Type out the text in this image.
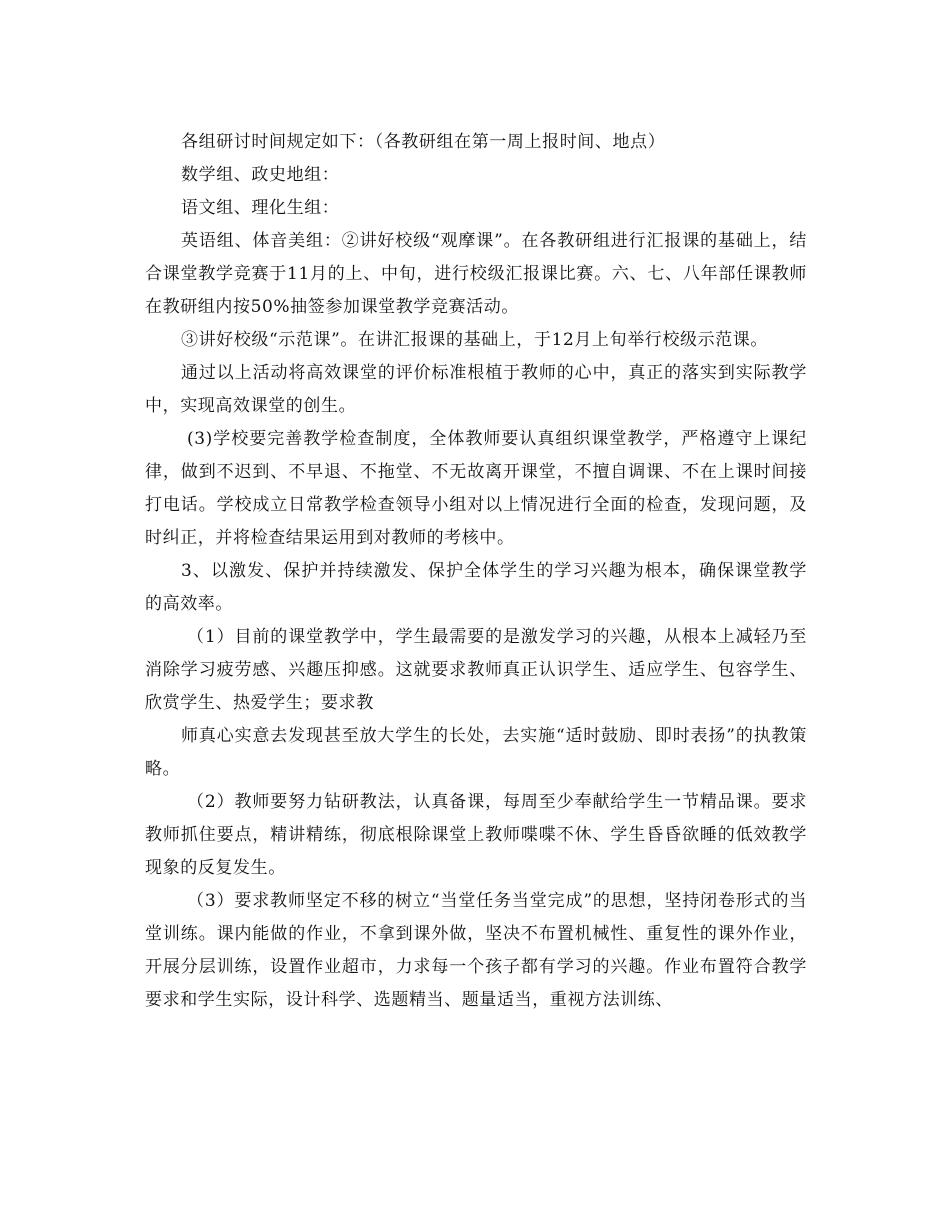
各组研讨时间规定如下：（各教研组在第一周上报时间、地点）

数学组、政史地组：

语文组、理化生组：

英语组、体音美组：②讲好校级“观摩课”。在各教研组进行汇报课的基础上，结合课堂教学竞赛于11月的上、中旬，进行校级汇报课比赛。六、七、八年部任课教师在教研组内按50%抽签参加课堂教学竞赛活动。

③讲好校级“示范课”。在讲汇报课的基础上，于12月上旬举行校级示范课。

通过以上活动将高效课堂的评价标准根植于教师的心中，真正的落实到实际教学中，实现高效课堂的创生。

(3)学校要完善教学检查制度，全体教师要认真组织课堂教学，严格遵守上课纪律，做到不迟到、不早退、不拖堂、不无故离开课堂，不擅自调课、不在上课时间接打电话。学校成立日常教学检查领导小组对以上情况进行全面的检查，发现问题，及时纠正，并将检查结果运用到对教师的考核中。

3、以激发、保护并持续激发、保护全体学生的学习兴趣为根本，确保课堂教学的高效率。

（1）目前的课堂教学中，学生最需要的是激发学习的兴趣，从根本上减轻乃至消除学习疲劳感、兴趣压抑感。这就要求教师真正认识学生、适应学生、包容学生、欣赏学生、热爱学生；要求教

师真心实意去发现甚至放大学生的长处，去实施“适时鼓励、即时表扬”的执教策略。

（2）教师要努力钻研教法，认真备课，每周至少奉献给学生一节精品课。要求教师抓住要点，精讲精练，彻底根除课堂上教师喋喋不休、学生昏昏欲睡的低效教学现象的反复发生。

（3）要求教师坚定不移的树立“当堂任务当堂完成”的思想，坚持闭卷形式的当堂训练。课内能做的作业，不拿到课外做，坚决不布置机械性、重复性的课外作业，开展分层训练，设置作业超市，力求每一个孩子都有学习的兴趣。作业布置符合教学要求和学生实际，设计科学、选题精当、题量适当，重视方法训练、
